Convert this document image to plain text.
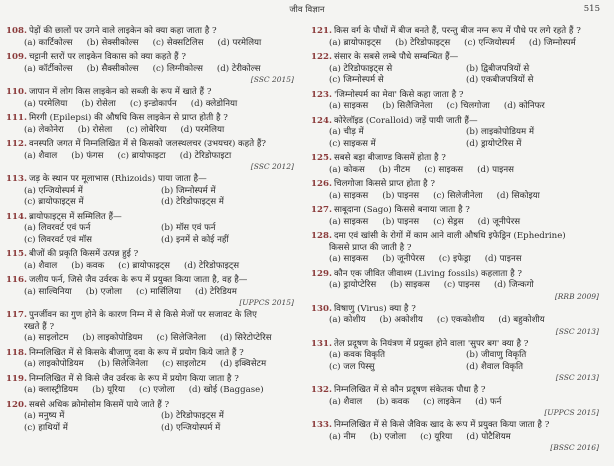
जीव विज्ञान	515
108. पेड़ों की छालों पर उगने वाले लाइकेन को क्या कहा जाता है ?
(a) कार्टिकोल्स (b) सेक्सीकोल्स (c) सेक्सटिलिस (d) परमेलिया
109. चट्टानी स्तरों पर लाइकेन विकास को क्या कहते हैं ?
(a) कॉर्टीकोल्स (b) सैक्सीकोल्स (c) लिग्नीकोल्स (d) टेरीकोल्स
[SSC 2015]
110. जापान में लोग किस लाइकेन को सब्जी के रूप में खाते हैं ?
(a) परमेलिया (b) रोसेला (c) इन्डोकार्पन (d) क्लेडोनिया
111. मिरगी (Epilepsi) की औषधि किस लाइकेन से प्राप्त होती है ?
(a) लेकोनेरा (b) रोसेला (c) लोबेरिया (d) परमेलिया
112. वनस्पति जगत में निम्नलिखित में से किसको जलस्थलचर (उभयचर) कहते हैं?
(a) शैवाल (b) फंगस (c) ब्रायोफाइटा (d) टेरिडोफाइटा
[SSC 2012]
113. जड़ के स्थान पर मूलाभास (Rhizoids) पाया जाता है—
(a) एन्जियोस्पर्म में	(b) जिम्नोस्पर्म में
(c) ब्रायोफाइट्स में	(d) टेरिडोफाइट्स में
114. ब्रायोफाइट्स में सम्मिलित हैं—
(a) लिवरवर्ट एवं फर्न	(b) मॉस एवं फर्न
(c) लिवरवर्ट एवं मॉस	(d) इनमें से कोई नहीं
115. बीजों की प्रकृति किसमें उत्पन्न हुई ?
(a) शैवाल (b) कवक (c) ब्रायोफाइट्स (d) टेरिडोफाइट्स
116. जलीय फर्न, जिसे जैव उर्वरक के रूप में प्रयुक्त किया जाता है, वह है—
(a) साल्विनिया (b) एजोला (c) मार्सिलिया (d) टेरिडियम
[UPPCS 2015]
117. पुनर्जीवन का गुण होने के कारण निम्न में से किसे मेजों पर सजावट के लिए
रखते हैं ?
(a) साइलोटम (b) लाइकोपोडियम (c) सिलेजिनेला (d) सिरेटोप्टेरिस
118. निम्नलिखित में से किसके बीजाणु दवा के रूप में प्रयोग किये जाते हैं ?
(a) लाइकोपोडियम (b) सिलेजिनेला (c) साइलोटम (d) इक्विसेटम
119. निम्नलिखित में से किसे जैव उर्वरक के रूप में प्रयोग किया जाता है ?
(a) क्लास्ट्रीडियम (b) यूरिया (c) एजोला (d) खोई (Baggase)
120. सबसे अधिक क्रोमोसोम किसमें पाये जाते हैं ?
(a) मनुष्य में	(b) टेरिडोफाइट्स में
(c) हाथियों में	(d) एन्जियोस्पर्म में
121. किस वर्ग के पौधों में बीज बनते हैं, परन्तु बीज नग्न रूप में पौधे पर लगे रहते हैं ?
(a) ब्रायोफाइट्स (b) टेरिडोफाइट्स (c) एन्जियोस्पर्म (d) जिम्नोस्पर्म
122. संसार के सबसे लम्बे पौधे सम्बन्धित हैं—
(a) टेरिडोफाइट्स से	(b) द्विबीजपत्रियों से
(c) जिम्नोस्पर्म से	(d) एकबीजपत्रियों से
123. 'जिम्नोस्पर्म का मेवा' किसे कहा जाता है ?
(a) साइकस (b) सिलैजिनेला (c) चिलगोजा (d) कोनिफर
124. कोरेलॉइड (Coralloid) जड़ें पायी जाती हैं—
(a) चीड़ में	(b) लाइकोपोडियम में
(c) साइकस में	(d) ड्रायोप्टेरिस में
125. सबसे बड़ा बीजाण्ड किसमें होता है ?
(a) कोकस (b) नीटम (c) साइकस (d) पाइनस
126. चिलगोजा किससे प्राप्त होता है ?
(a) साइकस (b) पाइनस (c) सिलेजीनेला (d) सिकोइया
127. साबूदाना (Sago) किससे बनाया जाता है ?
(a) साइकस (b) पाइनस (c) सेड्रस (d) जूनीपेरस
128. दमा एवं खांसी के रोगों में काम आने वाली औषधि इफेड्रिन (Ephedrine)
किससे प्राप्त की जाती है ?
(a) साइकस (b) जूनीपेरस (c) इफेड्रा (d) पाइनस
129. कौन एक जीवित जीवाश्म (Living fossils) कहलाता है ?
(a) ड्रायोप्टेरिस (b) साइकस (c) पाइनस (d) जिन्कगो
[RRB 2009]
130. विषाणु (Virus) क्या है ?
(a) कोशीय (b) अकोशीय (c) एककोशीय (d) बहुकोशीय
[SSC 2013]
131. तेल प्रदूषण के नियंत्रण में प्रयुक्त होने वाला 'सुपर बग' क्या है ?
(a) कवक विकृति	(b) जीवाणु विकृति
(c) जल पिस्सु	(d) शैवाल विकृति
[SSC 2013]
132. निम्नलिखित में से कौन प्रदूषण संकेतक पौधा है ?
(a) शैवाल (b) कवक (c) लाइकेन (d) फर्न
[UPPCS 2015]
133. निम्नलिखित में से किसे जैविक खाद के रूप में प्रयुक्त किया जाता है ?
(a) नीम (b) एजोला (c) यूरिया (d) पोटैशियम
[BSSC 2016]
